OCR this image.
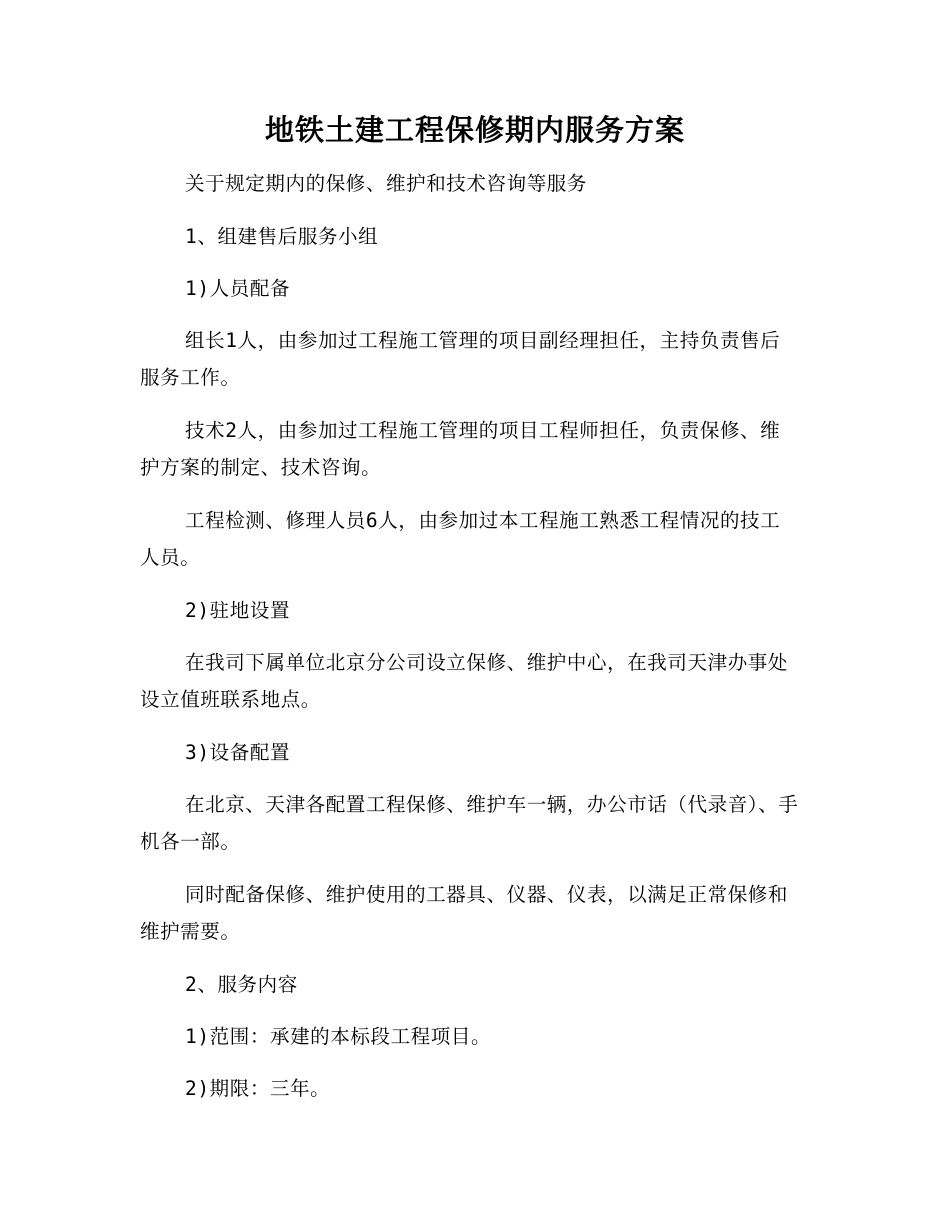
地铁土建工程保修期内服务方案

关于规定期内的保修、维护和技术咨询等服务

1、组建售后服务小组

1)人员配备

组长1人，由参加过工程施工管理的项目副经理担任，主持负责售后服务工作。

技术2人，由参加过工程施工管理的项目工程师担任，负责保修、维护方案的制定、技术咨询。

工程检测、修理人员6人，由参加过本工程施工熟悉工程情况的技工人员。

2)驻地设置

在我司下属单位北京分公司设立保修、维护中心，在我司天津办事处设立值班联系地点。

3)设备配置

在北京、天津各配置工程保修、维护车一辆，办公市话（代录音）、手机各一部。

同时配备保修、维护使用的工器具、仪器、仪表，以满足正常保修和维护需要。

2、服务内容

1)范围：承建的本标段工程项目。

2)期限：三年。
